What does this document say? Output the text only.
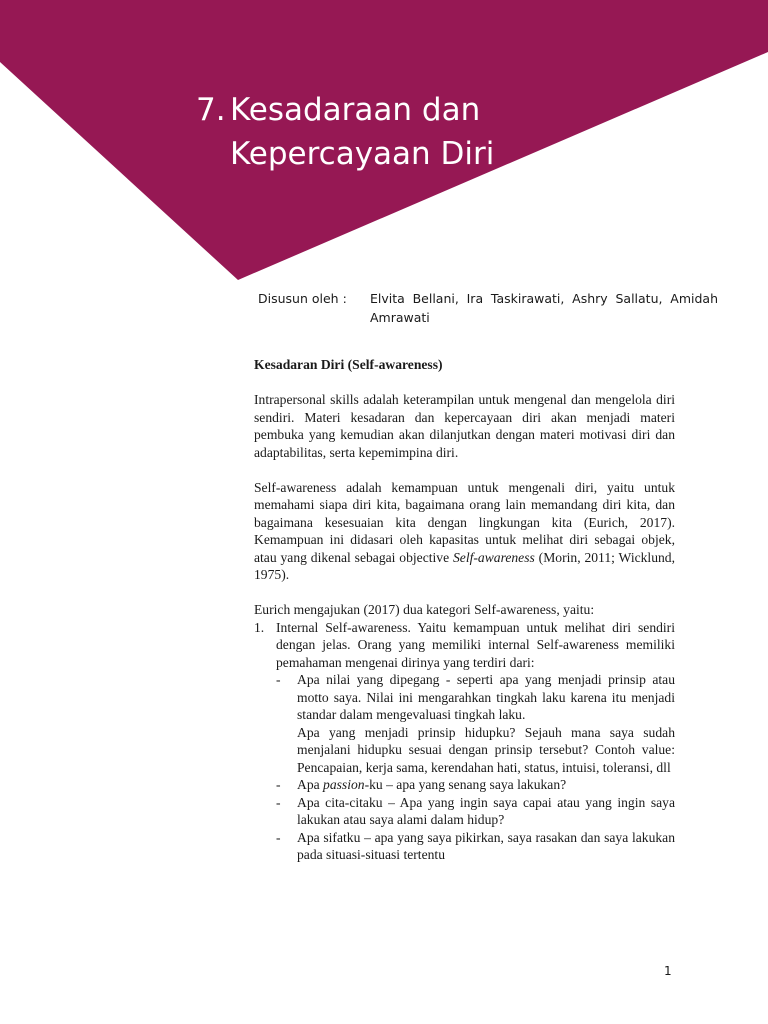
7. Kesadaraan dan
Kepercayaan Diri
Disusun oleh :	Elvita Bellani, Ira Taskirawati, Ashry Sallatu, Amidah Amrawati

Kesadaran Diri (Self-awareness)

Intrapersonal skills adalah keterampilan untuk mengenal dan mengelola diri sendiri. Materi kesadaran dan kepercayaan diri akan menjadi materi pembuka yang kemudian akan dilanjutkan dengan materi motivasi diri dan adaptabilitas, serta kepemimpina diri.

Self-awareness adalah kemampuan untuk mengenali diri, yaitu untuk memahami siapa diri kita, bagaimana orang lain memandang diri kita, dan bagaimana kesesuaian kita dengan lingkungan kita (Eurich, 2017). Kemampuan ini didasari oleh kapasitas untuk melihat diri sebagai objek, atau yang dikenal sebagai objective Self-awareness (Morin, 2011; Wicklund, 1975).

Eurich mengajukan (2017) dua kategori Self-awareness, yaitu:

1. Internal Self-awareness. Yaitu kemampuan untuk melihat diri sendiri dengan jelas. Orang yang memiliki internal Self-awareness memiliki pemahaman mengenai dirinya yang terdiri dari:

-	Apa nilai yang dipegang - seperti apa yang menjadi prinsip atau motto saya. Nilai ini mengarahkan tingkah laku karena itu menjadi standar dalam mengevaluasi tingkah laku.

Apa yang menjadi prinsip hidupku? Sejauh mana saya sudah menjalani hidupku sesuai dengan prinsip tersebut? Contoh value: Pencapaian, kerja sama, kerendahan hati, status, intuisi, toleransi, dll

-	Apa passion-ku – apa yang senang saya lakukan?

-	Apa cita-citaku – Apa yang ingin saya capai atau yang ingin saya lakukan atau saya alami dalam hidup?

-	Apa sifatku – apa yang saya pikirkan, saya rasakan dan saya lakukan pada situasi-situasi tertentu

1
